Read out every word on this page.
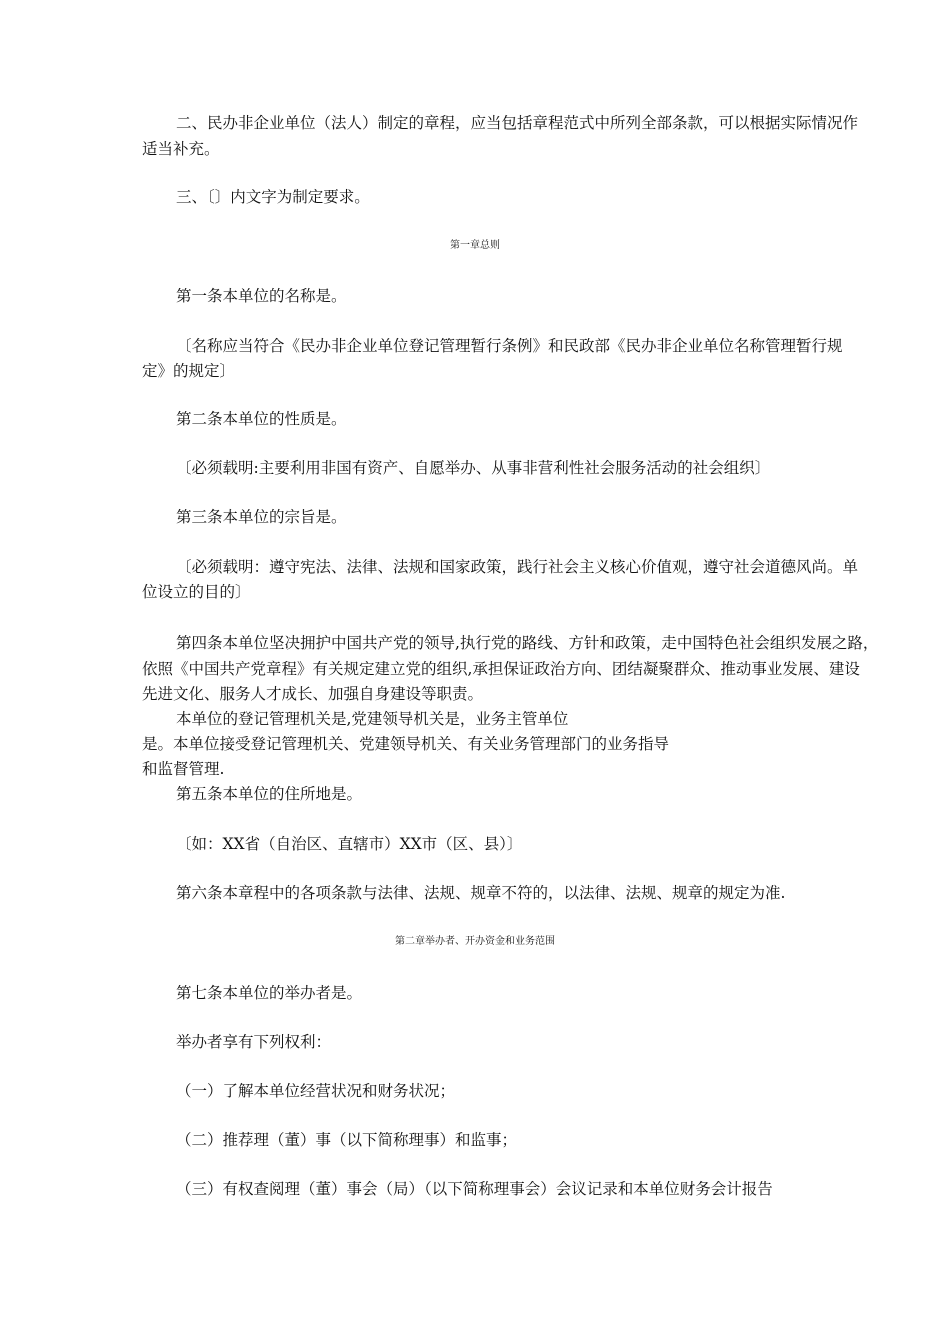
二、民办非企业单位（法人）制定的章程，应当包括章程范式中所列全部条款，可以根据实际情况作
适当补充。
三、〔〕内文字为制定要求。
第一章总则
第一条本单位的名称是。
〔名称应当符合《民办非企业单位登记管理暂行条例》和民政部《民办非企业单位名称管理暂行规
定》的规定〕
第二条本单位的性质是。
〔必须载明:主要利用非国有资产、自愿举办、从事非营利性社会服务活动的社会组织〕
第三条本单位的宗旨是。
〔必须载明：遵守宪法、法律、法规和国家政策，践行社会主义核心价值观，遵守社会道德风尚。单
位设立的目的〕
第四条本单位坚决拥护中国共产党的领导,执行党的路线、方针和政策，走中国特色社会组织发展之路，
依照《中国共产党章程》有关规定建立党的组织,承担保证政治方向、团结凝聚群众、推动事业发展、建设
先进文化、服务人才成长、加强自身建设等职责。
本单位的登记管理机关是,党建领导机关是，业务主管单位
是。本单位接受登记管理机关、党建领导机关、有关业务管理部门的业务指导
和监督管理.
第五条本单位的住所地是。
〔如：XX省（自治区、直辖市）XX市（区、县）〕
第六条本章程中的各项条款与法律、法规、规章不符的，以法律、法规、规章的规定为准.
第二章举办者、开办资金和业务范围
第七条本单位的举办者是。
举办者享有下列权利：
（一）了解本单位经营状况和财务状况；
（二）推荐理（董）事（以下简称理事）和监事；
（三）有权查阅理（董）事会（局）（以下简称理事会）会议记录和本单位财务会计报告
